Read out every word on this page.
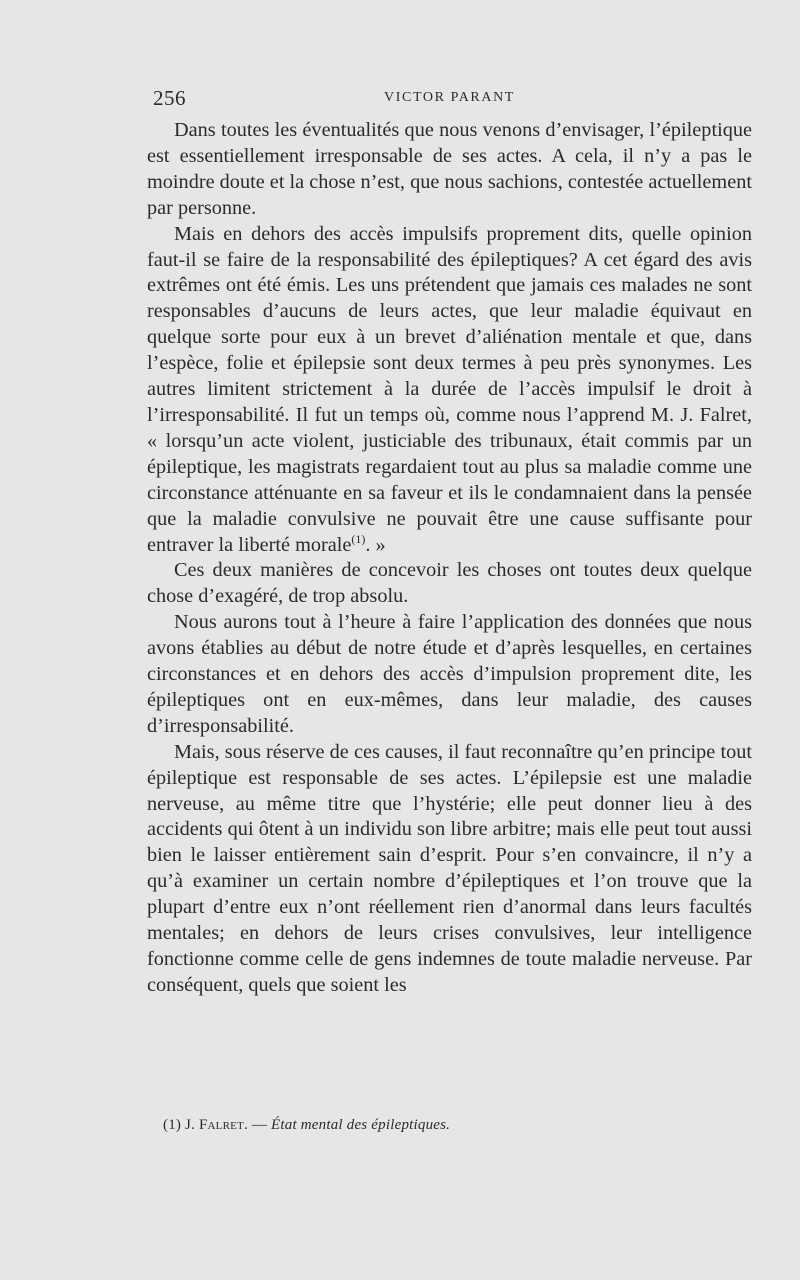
256	VICTOR PARANT

Dans toutes les éventualités que nous venons d’envisager, l’épileptique est essentiellement irresponsable de ses actes. A cela, il n’y a pas le moindre doute et la chose n’est, que nous sachions, contestée actuellement par personne.

Mais en dehors des accès impulsifs proprement dits, quelle opinion faut-il se faire de la responsabilité des épileptiques? A cet égard des avis extrêmes ont été émis. Les uns prétendent que jamais ces malades ne sont responsables d’aucuns de leurs actes, que leur maladie équivaut en quelque sorte pour eux à un brevet d’aliénation mentale et que, dans l’espèce, folie et épilepsie sont deux termes à peu près synonymes. Les autres limitent strictement à la durée de l’accès impulsif le droit à l’irresponsabilité. Il fut un temps où, comme nous l’apprend M. J. Falret, « lorsqu’un acte violent, justiciable des tribunaux, était commis par un épileptique, les magistrats regardaient tout au plus sa maladie comme une circonstance atténuante en sa faveur et ils le condamnaient dans la pensée que la maladie convulsive ne pouvait être une cause suffisante pour entraver la liberté morale$^{(1)}$. »

Ces deux manières de concevoir les choses ont toutes deux quelque chose d’exagéré, de trop absolu.

Nous aurons tout à l’heure à faire l’application des données que nous avons établies au début de notre étude et d’après lesquelles, en certaines circonstances et en dehors des accès d’impulsion proprement dite, les épileptiques ont en eux-mêmes, dans leur maladie, des causes d’irresponsabilité.

Mais, sous réserve de ces causes, il faut reconnaître qu’en principe tout épileptique est responsable de ses actes. L’épilepsie est une maladie nerveuse, au même titre que l’hystérie; elle peut donner lieu à des accidents qui ôtent à un individu son libre arbitre; mais elle peut tout aussi bien le laisser entièrement sain d’esprit. Pour s’en convaincre, il n’y a qu’à examiner un certain nombre d’épileptiques et l’on trouve que la plupart d’entre eux n’ont réellement rien d’anormal dans leurs facultés mentales; en dehors de leurs crises convulsives, leur intelligence fonctionne comme celle de gens indemnes de toute maladie nerveuse. Par conséquent, quels que soient les

(1) J. Falret. — État mental des épileptiques.
